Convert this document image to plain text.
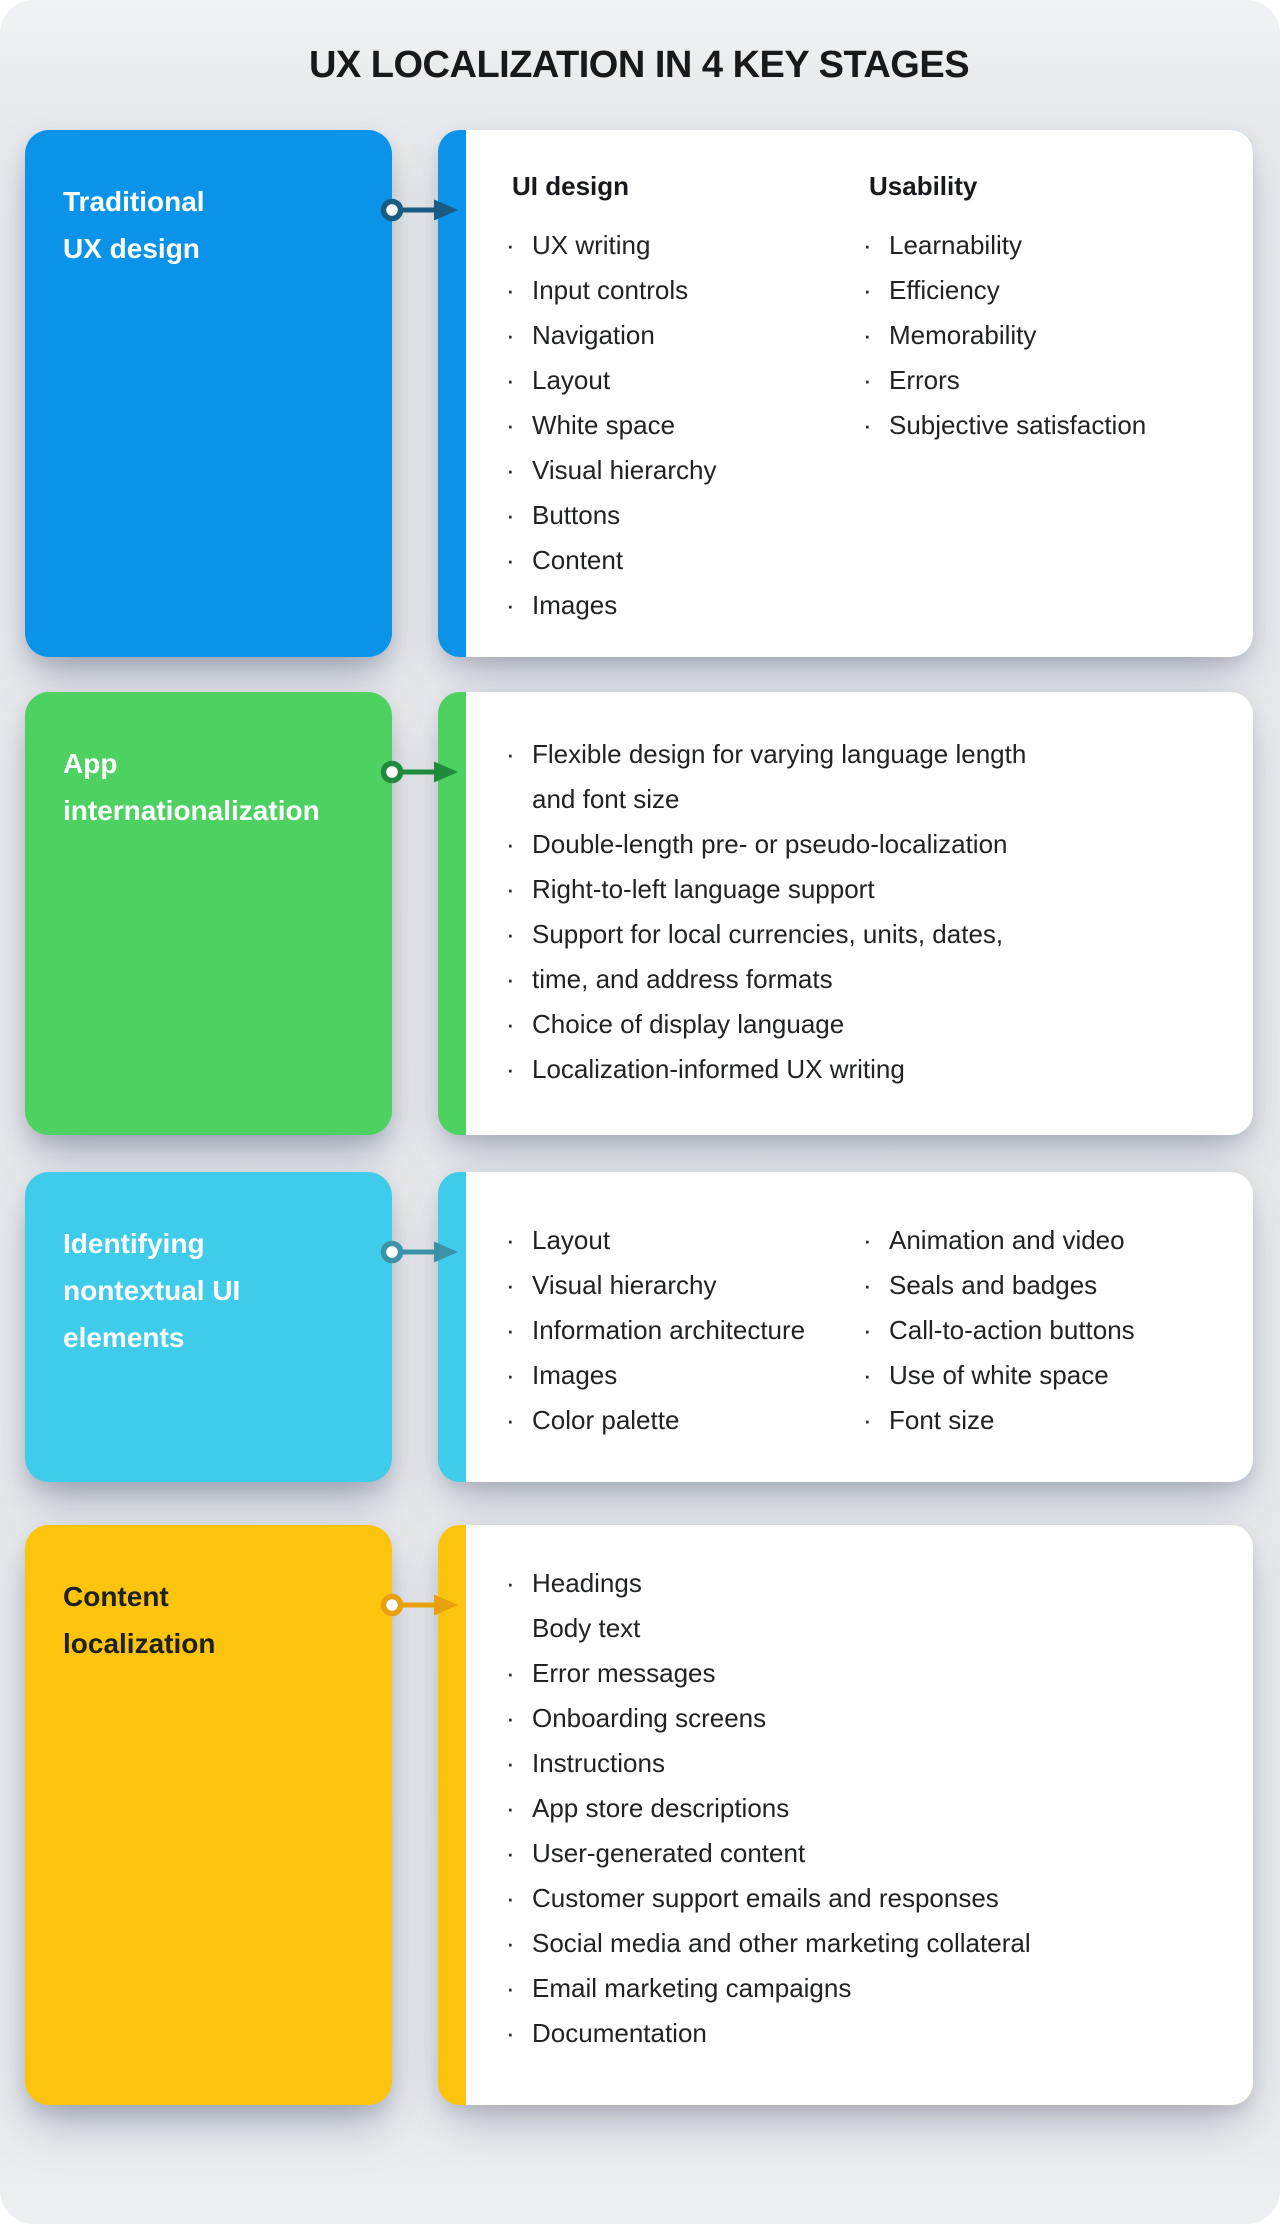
UX LOCALIZATION IN 4 KEY STAGES
Traditional
UX design
UI design
· UX writing
· Input controls
· Navigation
· Layout
· White space
· Visual hierarchy
· Buttons
· Content
· Images
Usability
· Learnability
· Efficiency
· Memorability
· Errors
· Subjective satisfaction
App
internationalization
· Flexible design for varying language length
and font size
· Double-length pre- or pseudo-localization
· Right-to-left language support
· Support for local currencies, units, dates,
· time, and address formats
· Choice of display language
· Localization-informed UX writing
Identifying
nontextual UI
elements
· Layout
· Visual hierarchy
· Information architecture
· Images
· Color palette
· Animation and video
· Seals and badges
· Call-to-action buttons
· Use of white space
· Font size
Content
localization
· Headings
Body text
· Error messages
· Onboarding screens
· Instructions
· App store descriptions
· User-generated content
· Customer support emails and responses
· Social media and other marketing collateral
· Email marketing campaigns
· Documentation
